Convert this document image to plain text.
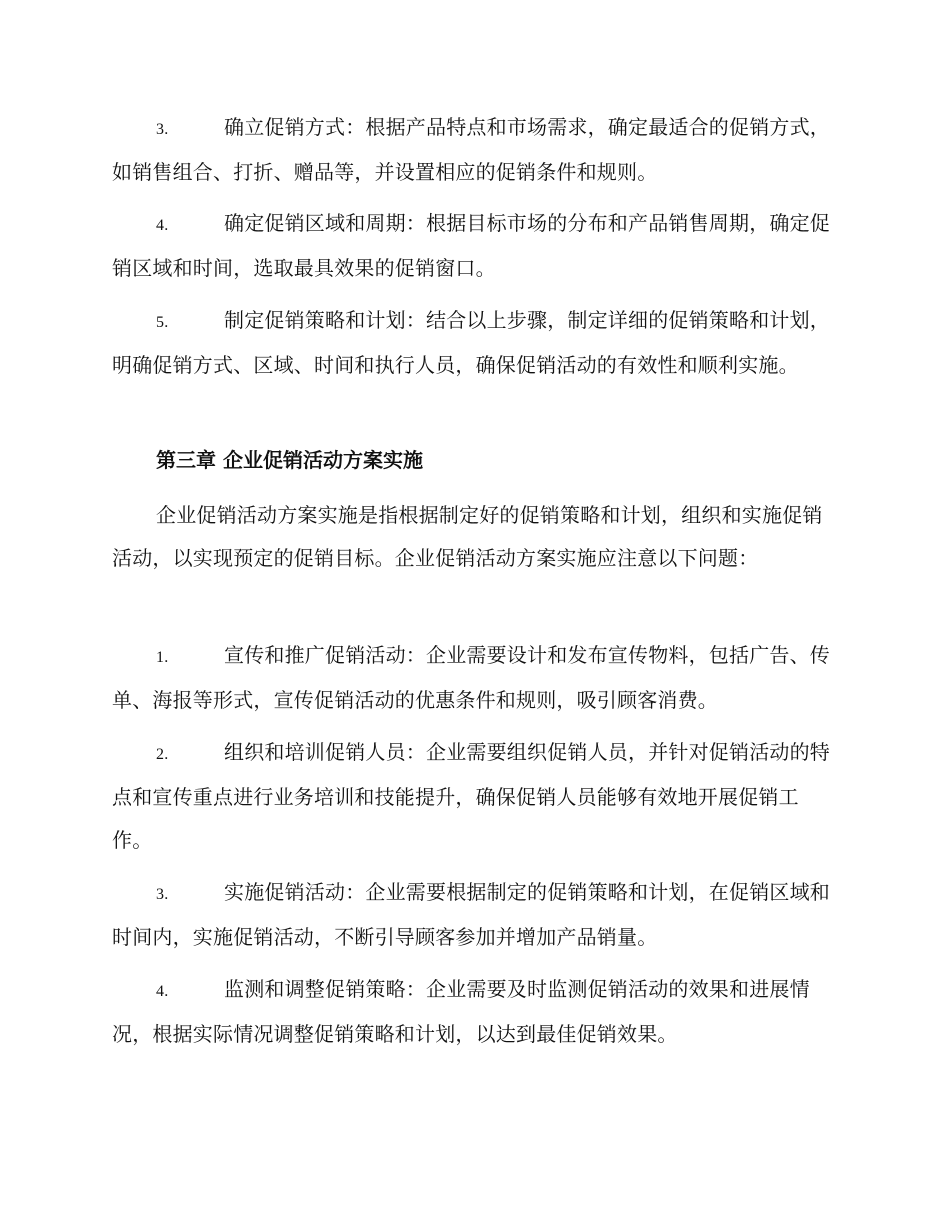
3.	确立促销方式：根据产品特点和市场需求，确定最适合的促销方式，如销售组合、打折、赠品等，并设置相应的促销条件和规则。

4.	确定促销区域和周期：根据目标市场的分布和产品销售周期，确定促销区域和时间，选取最具效果的促销窗口。

5.	制定促销策略和计划：结合以上步骤，制定详细的促销策略和计划，明确促销方式、区域、时间和执行人员，确保促销活动的有效性和顺利实施。

第三章 企业促销活动方案实施

企业促销活动方案实施是指根据制定好的促销策略和计划，组织和实施促销活动，以实现预定的促销目标。企业促销活动方案实施应注意以下问题：

1.	宣传和推广促销活动：企业需要设计和发布宣传物料，包括广告、传单、海报等形式，宣传促销活动的优惠条件和规则，吸引顾客消费。

2.	组织和培训促销人员：企业需要组织促销人员，并针对促销活动的特点和宣传重点进行业务培训和技能提升，确保促销人员能够有效地开展促销工作。

3.	实施促销活动：企业需要根据制定的促销策略和计划，在促销区域和时间内，实施促销活动，不断引导顾客参加并增加产品销量。

4.	监测和调整促销策略：企业需要及时监测促销活动的效果和进展情况，根据实际情况调整促销策略和计划，以达到最佳促销效果。
